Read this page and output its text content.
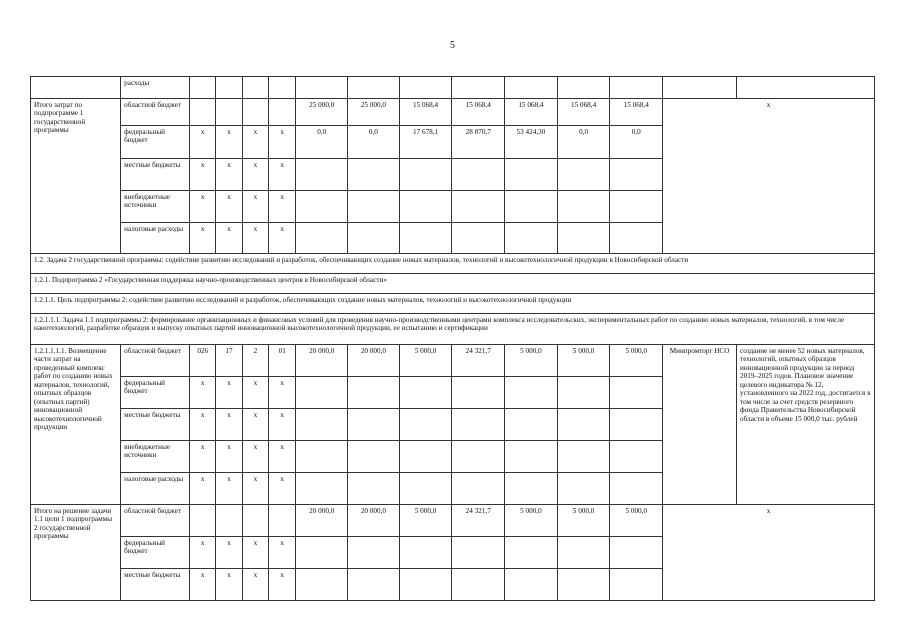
5
	расходы													
Итого затрат по подпрограмме 1 государственной программы	областной бюджет					25 000,0	25 000,0	15 068,4	15 068,4	15 068,4	15 068,4	15 068,4	x	
	федеральный бюджет	x	x	x	x	0,0	0,0	17 678,1	28 870,7	53 424,30	0,0	0,0		
	местные бюджеты	x	x	x	x									
	внебюджетные источники	x	x	x	x									
	налоговые расходы	x	x	x	x									
1.2. Задача 2 государственной программы: содействие развитию исследований и разработок, обеспечивающих создание новых материалов, технологий и высокотехнологичной продукции в Новосибирской области														
1.2.1. Подпрограмма 2 «Государственная поддержка научно-производственных центров в Новосибирской области»														
1.2.1.1. Цель подпрограммы 2: содействие развитию исследований и разработок, обеспечивающих создание новых материалов, технологий и высокотехнологичной продукции														
1.2.1.1.1. Задача 1.1 подпрограммы 2: формирование организационных и финансовых условий для проведения научно-производственными центрами комплекса исследовательских, экспериментальных работ по созданию новых материалов, технологий, в том числе нанотехнологий, разработке образцов и выпуску опытных партий инновационной высокотехнологичной продукции, ее испытанию и сертификации														
1.2.1.1.1.1. Возмещение части затрат на проведенный комплекс работ по созданию новых материалов, технологий, опытных образцов (опытных партий) инновационной высокотехнологичной продукции	областной бюджет	026	17	2	01	20 000,0	20 000,0	5 000,0	24 321,7	5 000,0	5 000,0	5 000,0	Минпромторг НСО	создание не менее 52 новых материалов, технологий, опытных образцов инновационной продукции за период 2019–2025 годов. Плановое значение целевого индикатора № 12, установленного на 2022 год, достигается в том числе за счет средств резервного фонда Правительства Новосибирской области в объеме 15 000,0 тыс. рублей
	федеральный бюджет	x	x	x	x									
	местные бюджеты	x	x	x	x									
	внебюджетные источники	x	x	x	x									
	налоговые расходы	x	x	x	x									
Итого на решение задачи 1.1 цели 1 подпрограммы 2 государственной программы	областной бюджет					20 000,0	20 000,0	5 000,0	24 321,7	5 000,0	5 000,0	5 000,0	x	
	федеральный бюджет	x	x	x	x									
	местные бюджеты	x	x	x	x									
